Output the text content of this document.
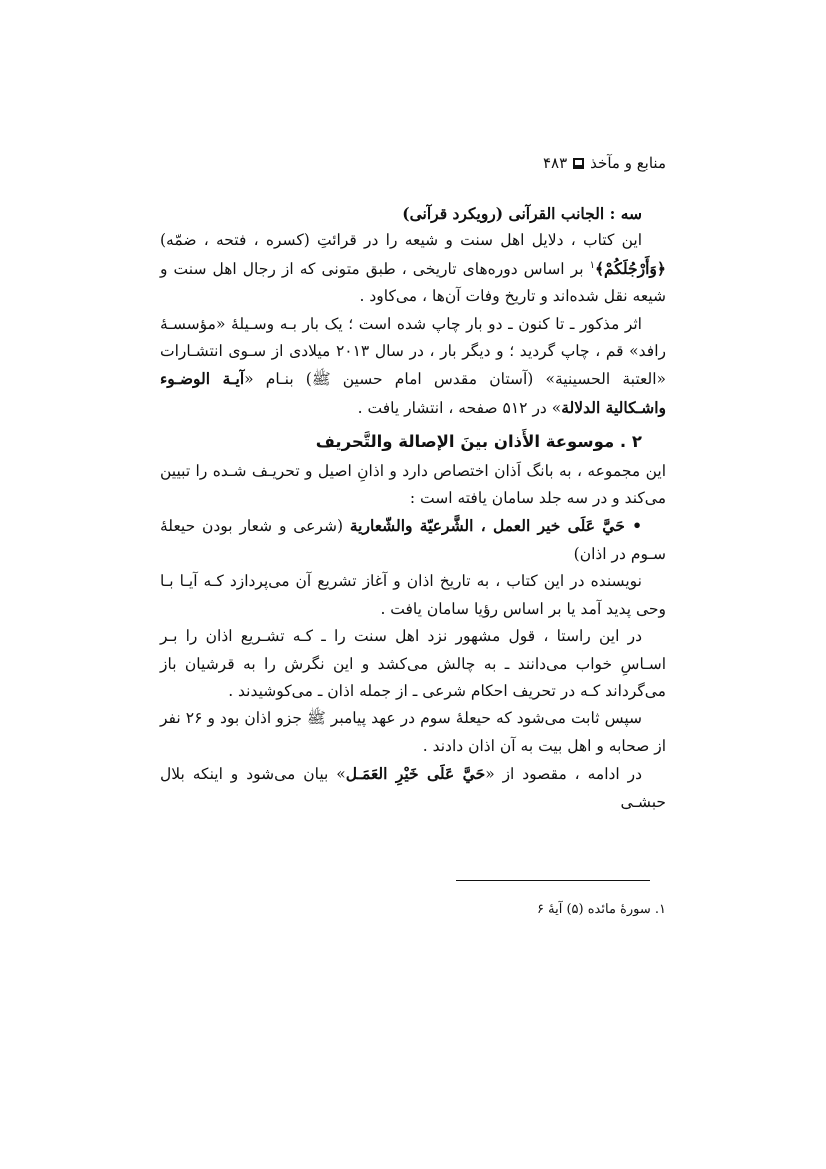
منابع و مآخذ
۴۸۳

سه : الجانب القرآنی (رویکرد قرآنی)

این کتاب ، دلایل اهل سنت و شیعه را در قرائتِ (کسره ، فتحه ، ضمّه) ﴿وَأَرْجُلَكُمْ﴾$^۱$ بر اساس دوره‌های تاریخی ، طبق متونی که از رجال اهل سنت و شیعه نقل شده‌اند و تاریخ وفات آن‌ها ، می‌کاود .

اثر مذکور ـ تا کنون ـ دو بار چاپ شده است ؛ یک بار بـه وسـیلۀ «مؤسسـۀ رافد» قم ، چاپ گردید ؛ و دیگر بار ، در سال ۲۰۱۳ میلادی از سـوی انتشـارات «العتبة الحسینیة» (آستان مقدس امام حسین ﷺ) بنـام «آیـة الوضـوء واشـکالیة الدلالة» در ۵۱۲ صفحه ، انتشار یافت .

۲ . موسوعة الأَذان بينَ الإصالة والتَّحريف

این مجموعه ، به بانگ اَذان اختصاص دارد و اذانِ اصیل و تحریـف شـده را تبیین می‌کند و در سه جلد سامان یافته است :

• حَيَّ عَلَی خیر العمل ، الشَّرعيّة والشّعارية (شرعی و شعار بودن حیعلۀ سـوم در اذان)

نویسنده در این کتاب ، به تاریخ اذان و آغاز تشریع آن می‌پردازد کـه آیـا بـا وحی پدید آمد یا بر اساس رؤیا سامان یافت .

در این راستا ، قول مشهور نزد اهل سنت را ـ کـه تشـریع اذان را بـر اسـاسِ خواب می‌دانند ـ به چالش می‌کشد و این نگرش را به قرشیان باز می‌گرداند کـه در تحریف احکام شرعی ـ از جمله اذان ـ می‌کوشیدند .

سپس ثابت می‌شود که حیعلۀ سوم در عهد پیامبر ﷺ جزو اذان بود و ۲۶ نفر از صحابه و اهل بیت به آن اذان دادند .

در ادامه ، مقصود از «حَيَّ عَلَی خَيْرِ العَمَـل» بیان می‌شود و اینکه بلال حبشـی

۱. سورۀ مائده (۵) آیۀ ۶
